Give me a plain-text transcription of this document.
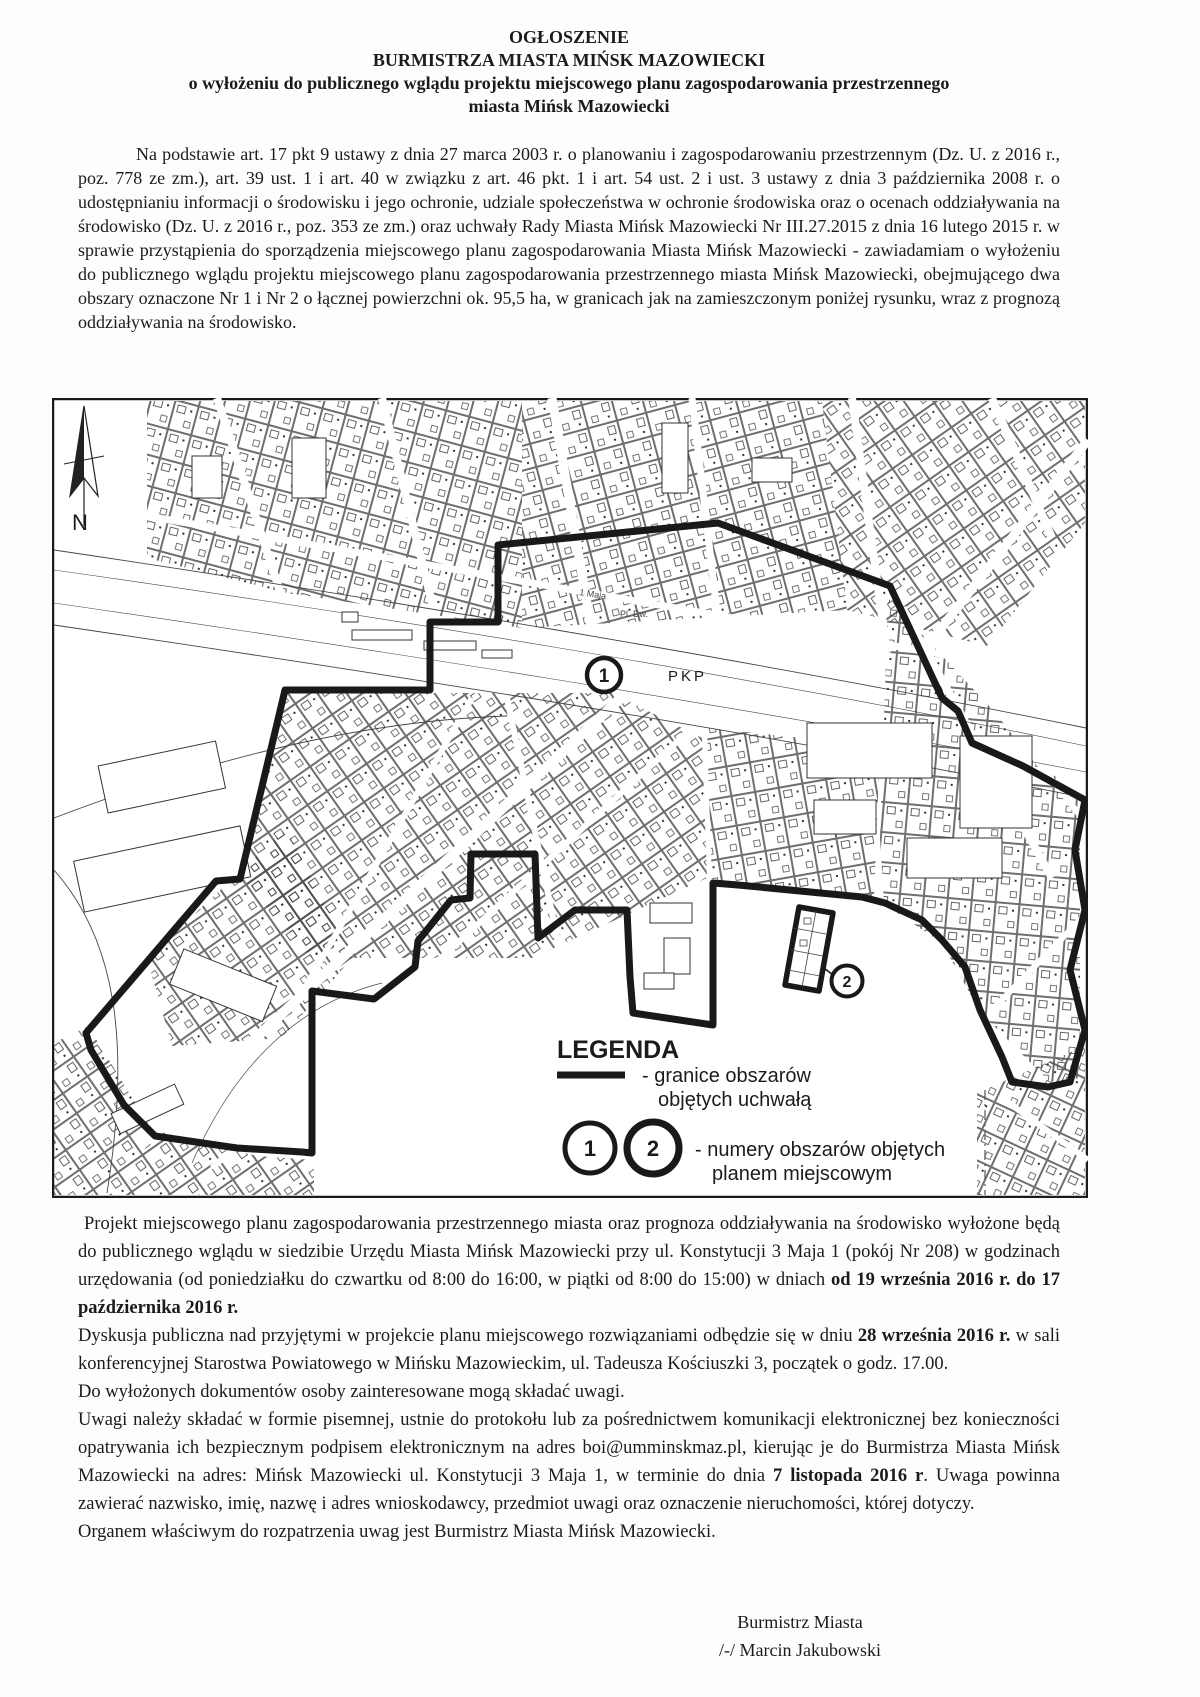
OGŁOSZENIE
BURMISTRZA MIASTA MIŃSK MAZOWIECKI
o wyłożeniu do publicznego wglądu projektu miejscowego planu zagospodarowania przestrzennego
miasta Mińsk Mazowiecki
Na podstawie art. 17 pkt 9 ustawy z dnia 27 marca 2003 r. o planowaniu i zagospodarowaniu przestrzennym (Dz. U. z 2016 r., poz. 778 ze zm.), art. 39 ust. 1 i art. 40 w związku z art. 46 pkt. 1 i art. 54 ust. 2 i ust. 3 ustawy z dnia 3 października 2008 r. o udostępnianiu informacji o środowisku i jego ochronie, udziale społeczeństwa w ochronie środowiska oraz o ocenach oddziaływania na środowisko (Dz. U. z 2016 r., poz. 353 ze zm.) oraz uchwały Rady Miasta Mińsk Mazowiecki Nr III.27.2015 z dnia 16 lutego 2015 r. w sprawie przystąpienia do sporządzenia miejscowego planu zagospodarowania Miasta Mińsk Mazowiecki - zawiadamiam o wyłożeniu do publicznego wglądu projektu miejscowego planu zagospodarowania przestrzennego miasta Mińsk Mazowiecki, obejmującego dwa obszary oznaczone Nr 1 i Nr 2 o łącznej powierzchni ok. 95,5 ha, w granicach jak na zamieszczonym poniżej rysunku, wraz z prognozą oddziaływania na środowisko.
1
2
PKP
1 Maja
Pl. Dw.
N
LEGENDA
- granice obszarów
objętych uchwałą
1 2 - numery obszarów objętych
planem miejscowym

Projekt miejscowego planu zagospodarowania przestrzennego miasta oraz prognoza oddziaływania na środowisko wyłożone będą do publicznego wglądu w siedzibie Urzędu Miasta Mińsk Mazowiecki przy ul. Konstytucji 3 Maja 1 (pokój Nr 208) w godzinach urzędowania (od poniedziałku do czwartku od 8:00 do 16:00, w piątki od 8:00 do 15:00) w dniach od 19 września 2016 r. do 17 października 2016 r.

Dyskusja publiczna nad przyjętymi w projekcie planu miejscowego rozwiązaniami odbędzie się w dniu 28 września 2016 r. w sali konferencyjnej Starostwa Powiatowego w Mińsku Mazowieckim, ul. Tadeusza Kościuszki 3, początek o godz. 17.00.

Do wyłożonych dokumentów osoby zainteresowane mogą składać uwagi.

Uwagi należy składać w formie pisemnej, ustnie do protokołu lub za pośrednictwem komunikacji elektronicznej bez konieczności opatrywania ich bezpiecznym podpisem elektronicznym na adres boi@umminskmaz.pl, kierując je do Burmistrza Miasta Mińsk Mazowiecki na adres: Mińsk Mazowiecki ul. Konstytucji 3 Maja 1, w terminie do dnia 7 listopada 2016 r. Uwaga powinna zawierać nazwisko, imię, nazwę i adres wnioskodawcy, przedmiot uwagi oraz oznaczenie nieruchomości, której dotyczy.

Organem właściwym do rozpatrzenia uwag jest Burmistrz Miasta Mińsk Mazowiecki.

Burmistrz Miasta
/-/ Marcin Jakubowski
